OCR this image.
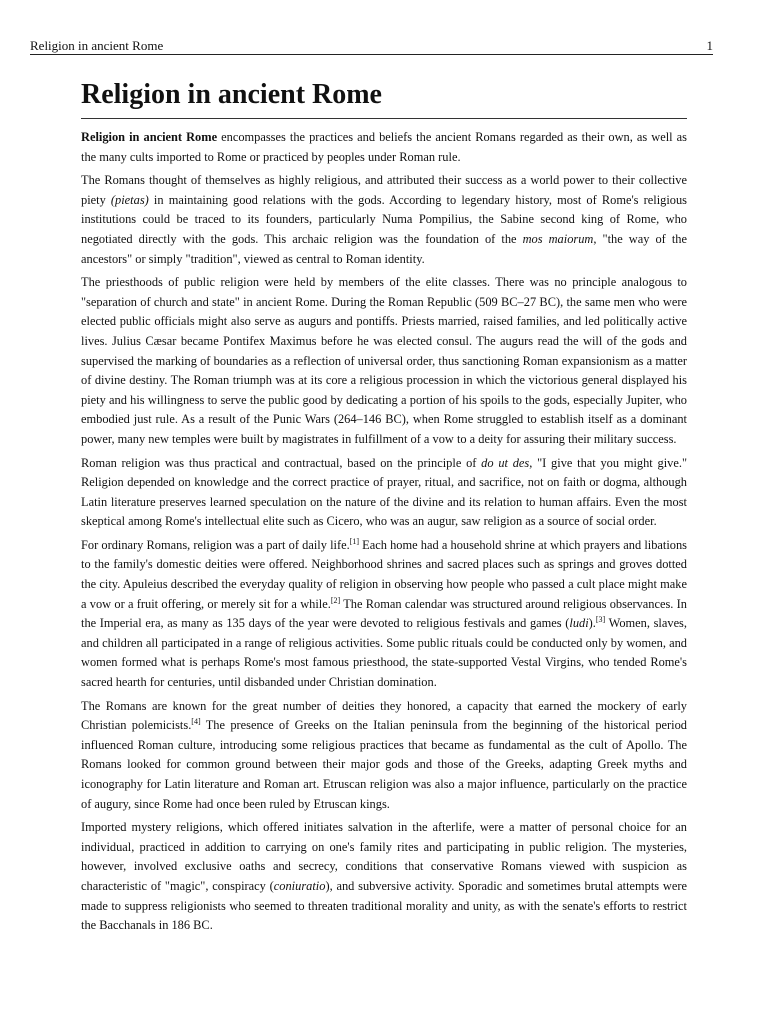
Religion in ancient Rome	1
Religion in ancient Rome

Religion in ancient Rome encompasses the practices and beliefs the ancient Romans regarded as their own, as well as the many cults imported to Rome or practiced by peoples under Roman rule.

The Romans thought of themselves as highly religious, and attributed their success as a world power to their collective piety (pietas) in maintaining good relations with the gods. According to legendary history, most of Rome's religious institutions could be traced to its founders, particularly Numa Pompilius, the Sabine second king of Rome, who negotiated directly with the gods. This archaic religion was the foundation of the mos maiorum, "the way of the ancestors" or simply "tradition", viewed as central to Roman identity.

The priesthoods of public religion were held by members of the elite classes. There was no principle analogous to "separation of church and state" in ancient Rome. During the Roman Republic (509 BC–27 BC), the same men who were elected public officials might also serve as augurs and pontiffs. Priests married, raised families, and led politically active lives. Julius Cæsar became Pontifex Maximus before he was elected consul. The augurs read the will of the gods and supervised the marking of boundaries as a reflection of universal order, thus sanctioning Roman expansionism as a matter of divine destiny. The Roman triumph was at its core a religious procession in which the victorious general displayed his piety and his willingness to serve the public good by dedicating a portion of his spoils to the gods, especially Jupiter, who embodied just rule. As a result of the Punic Wars (264–146 BC), when Rome struggled to establish itself as a dominant power, many new temples were built by magistrates in fulfillment of a vow to a deity for assuring their military success.

Roman religion was thus practical and contractual, based on the principle of do ut des, "I give that you might give." Religion depended on knowledge and the correct practice of prayer, ritual, and sacrifice, not on faith or dogma, although Latin literature preserves learned speculation on the nature of the divine and its relation to human affairs. Even the most skeptical among Rome's intellectual elite such as Cicero, who was an augur, saw religion as a source of social order.

For ordinary Romans, religion was a part of daily life.[1] Each home had a household shrine at which prayers and libations to the family's domestic deities were offered. Neighborhood shrines and sacred places such as springs and groves dotted the city. Apuleius described the everyday quality of religion in observing how people who passed a cult place might make a vow or a fruit offering, or merely sit for a while.[2] The Roman calendar was structured around religious observances. In the Imperial era, as many as 135 days of the year were devoted to religious festivals and games (ludi).[3] Women, slaves, and children all participated in a range of religious activities. Some public rituals could be conducted only by women, and women formed what is perhaps Rome's most famous priesthood, the state-supported Vestal Virgins, who tended Rome's sacred hearth for centuries, until disbanded under Christian domination.

The Romans are known for the great number of deities they honored, a capacity that earned the mockery of early Christian polemicists.[4] The presence of Greeks on the Italian peninsula from the beginning of the historical period influenced Roman culture, introducing some religious practices that became as fundamental as the cult of Apollo. The Romans looked for common ground between their major gods and those of the Greeks, adapting Greek myths and iconography for Latin literature and Roman art. Etruscan religion was also a major influence, particularly on the practice of augury, since Rome had once been ruled by Etruscan kings.

Imported mystery religions, which offered initiates salvation in the afterlife, were a matter of personal choice for an individual, practiced in addition to carrying on one's family rites and participating in public religion. The mysteries, however, involved exclusive oaths and secrecy, conditions that conservative Romans viewed with suspicion as characteristic of "magic", conspiracy (coniuratio), and subversive activity. Sporadic and sometimes brutal attempts were made to suppress religionists who seemed to threaten traditional morality and unity, as with the senate's efforts to restrict the Bacchanals in 186 BC.
